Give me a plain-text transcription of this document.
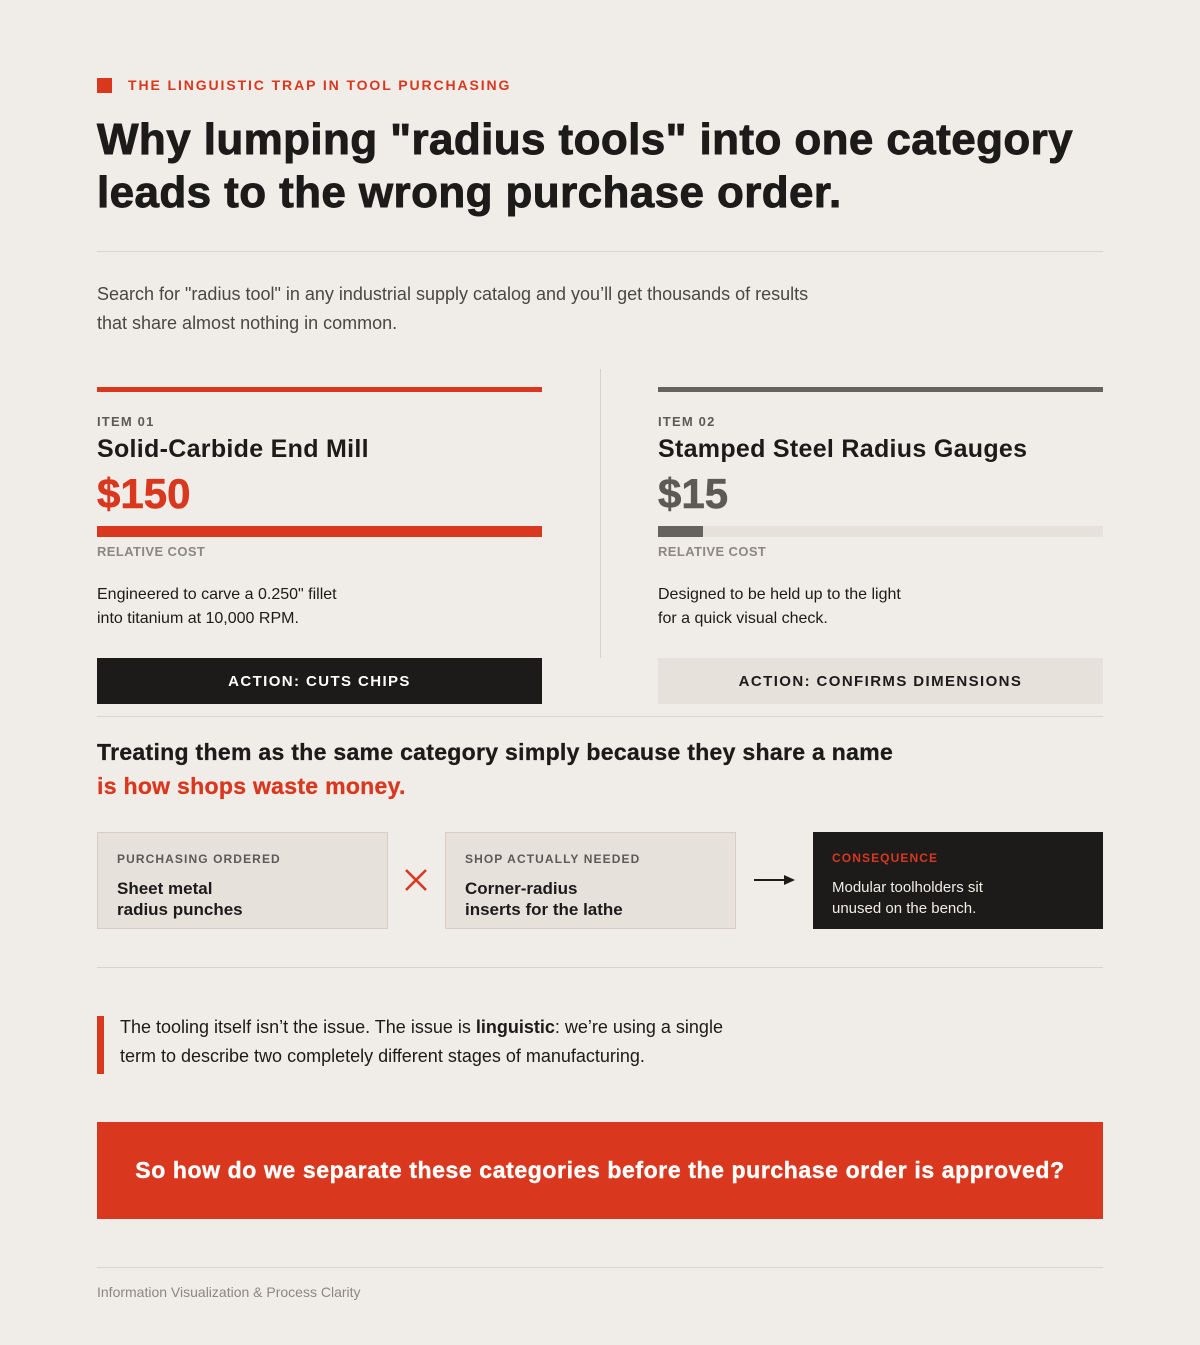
THE LINGUISTIC TRAP IN TOOL PURCHASING
Why lumping "radius tools" into one category
leads to the wrong purchase order.

Search for "radius tool" in any industrial supply catalog and you’ll get thousands of results
that share almost nothing in common.

ITEM 01
Solid-Carbide End Mill
$150
RELATIVE COST
Engineered to carve a 0.250" fillet
into titanium at 10,000 RPM.
ACTION: CUTS CHIPS
ITEM 02
Stamped Steel Radius Gauges
$15
RELATIVE COST
Designed to be held up to the light
for a quick visual check.
ACTION: CONFIRMS DIMENSIONS
Treating them as the same category simply because they share a name
is how shops waste money.
PURCHASING ORDERED
Sheet metal
radius punches
SHOP ACTUALLY NEEDED
Corner-radius
inserts for the lathe
CONSEQUENCE
Modular toolholders sit
unused on the bench.
The tooling itself isn’t the issue. The issue is linguistic: we’re using a single
term to describe two completely different stages of manufacturing.
So how do we separate these categories before the purchase order is approved?
Information Visualization & Process Clarity
